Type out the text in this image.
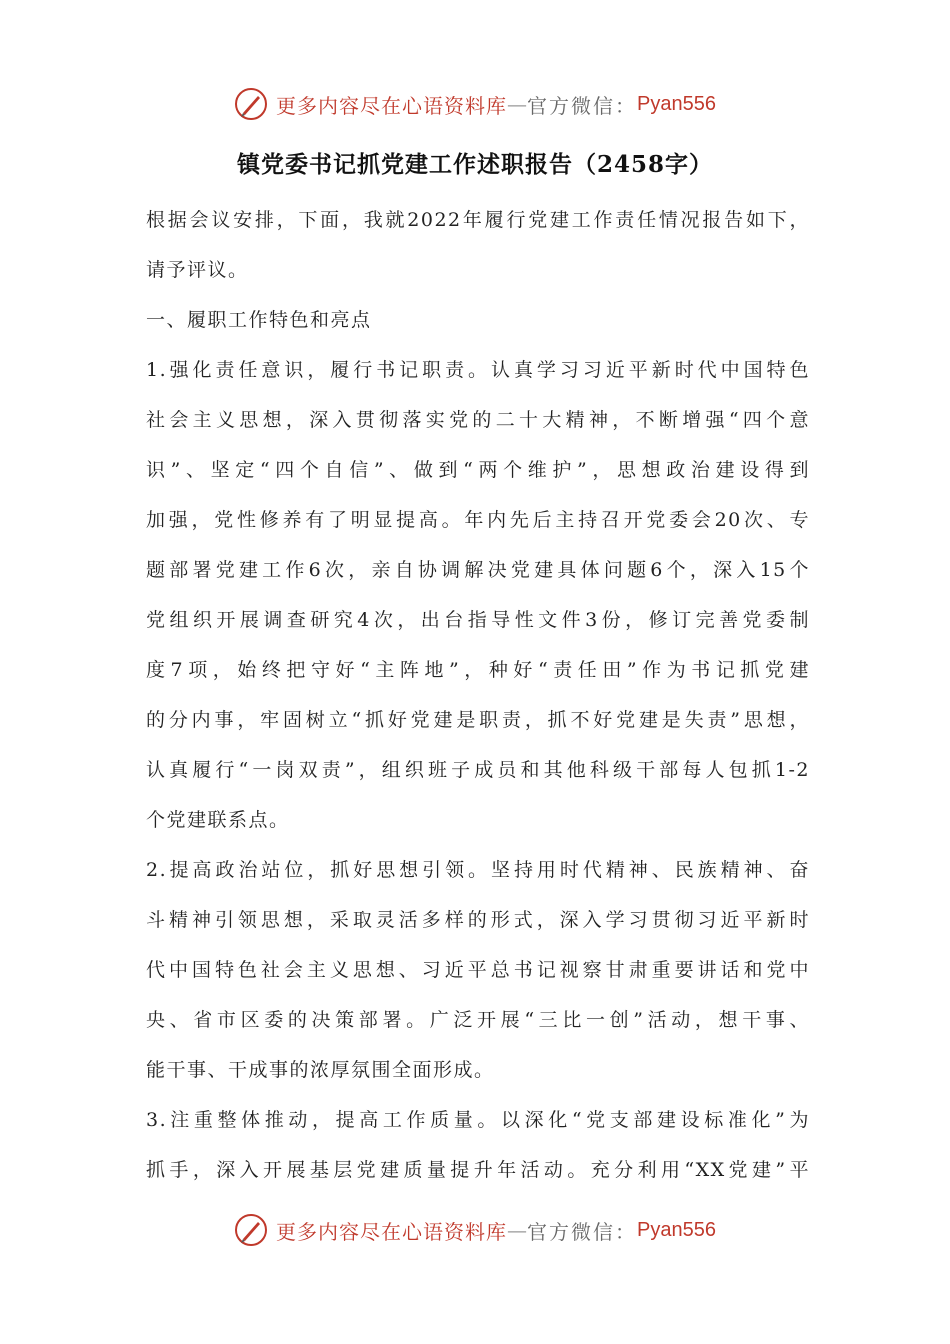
更多内容尽在心语资料库 — 官方微信： Pyan556
镇党委书记抓党建工作述职报告（2458字）
根据会议安排，下面，我就2022年履行党建工作责任情况报告如下，
请予评议。
一、履职工作特色和亮点
1.强化责任意识，履行书记职责。认真学习习近平新时代中国特色
社会主义思想，深入贯彻落实党的二十大精神，不断增强“四个意
识”、坚定“四个自信”、做到“两个维护”，思想政治建设得到
加强，党性修养有了明显提高。年内先后主持召开党委会20次、专
题部署党建工作6次，亲自协调解决党建具体问题6个，深入15个
党组织开展调查研究4次，出台指导性文件3份，修订完善党委制
度7项，始终把守好“主阵地”，种好“责任田”作为书记抓党建
的分内事，牢固树立“抓好党建是职责，抓不好党建是失责”思想，
认真履行“一岗双责”，组织班子成员和其他科级干部每人包抓1-2
个党建联系点。
2.提高政治站位，抓好思想引领。坚持用时代精神、民族精神、奋
斗精神引领思想，采取灵活多样的形式，深入学习贯彻习近平新时
代中国特色社会主义思想、习近平总书记视察甘肃重要讲话和党中
央、省市区委的决策部署。广泛开展“三比一创”活动，想干事、
能干事、干成事的浓厚氛围全面形成。
3.注重整体推动，提高工作质量。以深化“党支部建设标准化”为
抓手，深入开展基层党建质量提升年活动。充分利用“XX党建”平
更多内容尽在心语资料库 — 官方微信： Pyan556
